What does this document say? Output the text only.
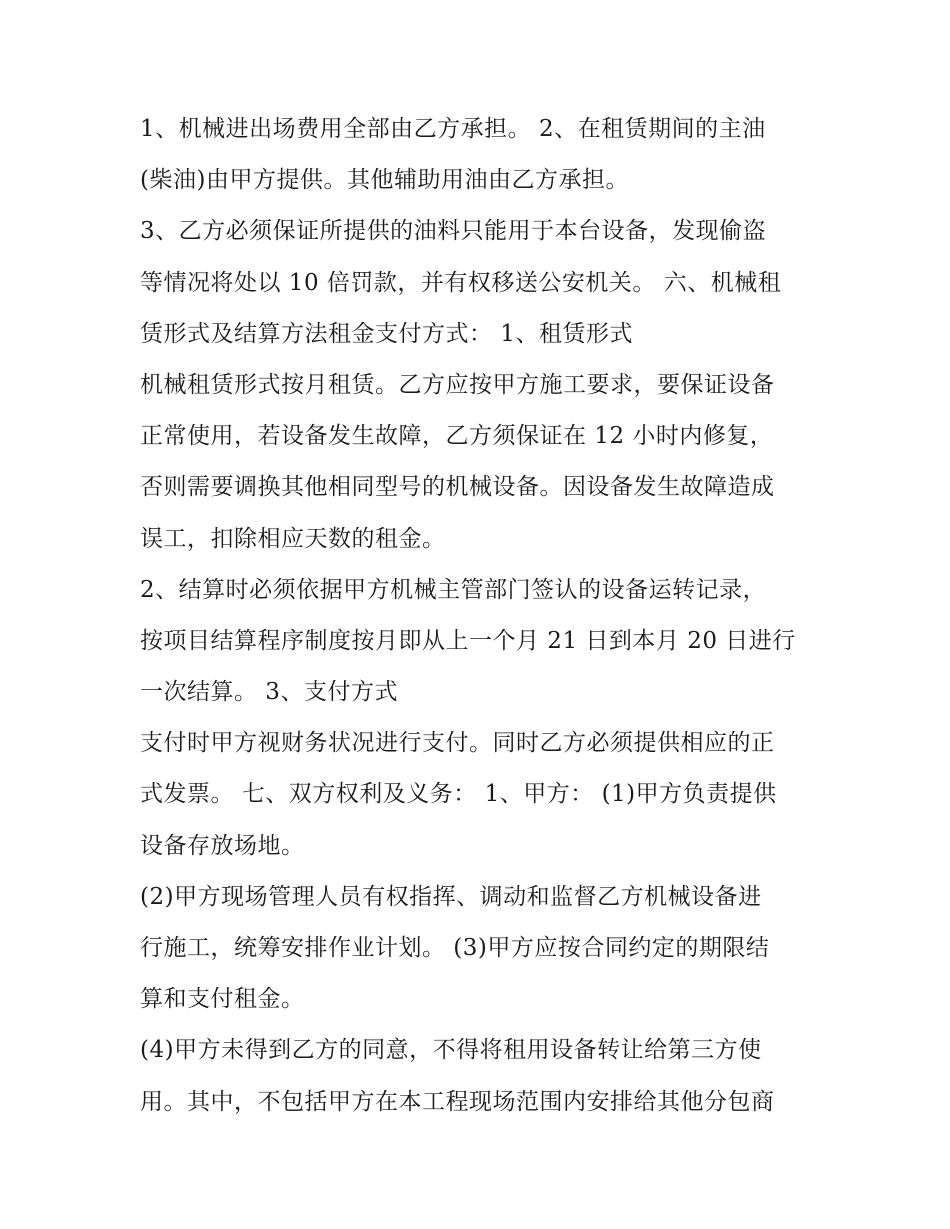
1、机械进出场费用全部由乙方承担。 2、在租赁期间的主油
(柴油)由甲方提供。其他辅助用油由乙方承担。
3、乙方必须保证所提供的油料只能用于本台设备，发现偷盗
等情况将处以 10 倍罚款，并有权移送公安机关。 六、机械租
赁形式及结算方法租金支付方式： 1、租赁形式
机械租赁形式按月租赁。乙方应按甲方施工要求，要保证设备
正常使用，若设备发生故障，乙方须保证在 12 小时内修复，
否则需要调换其他相同型号的机械设备。因设备发生故障造成
误工，扣除相应天数的租金。
2、结算时必须依据甲方机械主管部门签认的设备运转记录，
按项目结算程序制度按月即从上一个月 21 日到本月 20 日进行
一次结算。 3、支付方式
支付时甲方视财务状况进行支付。同时乙方必须提供相应的正
式发票。 七、双方权利及义务： 1、甲方： (1)甲方负责提供
设备存放场地。
(2)甲方现场管理人员有权指挥、调动和监督乙方机械设备进
行施工，统筹安排作业计划。 (3)甲方应按合同约定的期限结
算和支付租金。
(4)甲方未得到乙方的同意，不得将租用设备转让给第三方使
用。其中，不包括甲方在本工程现场范围内安排给其他分包商
